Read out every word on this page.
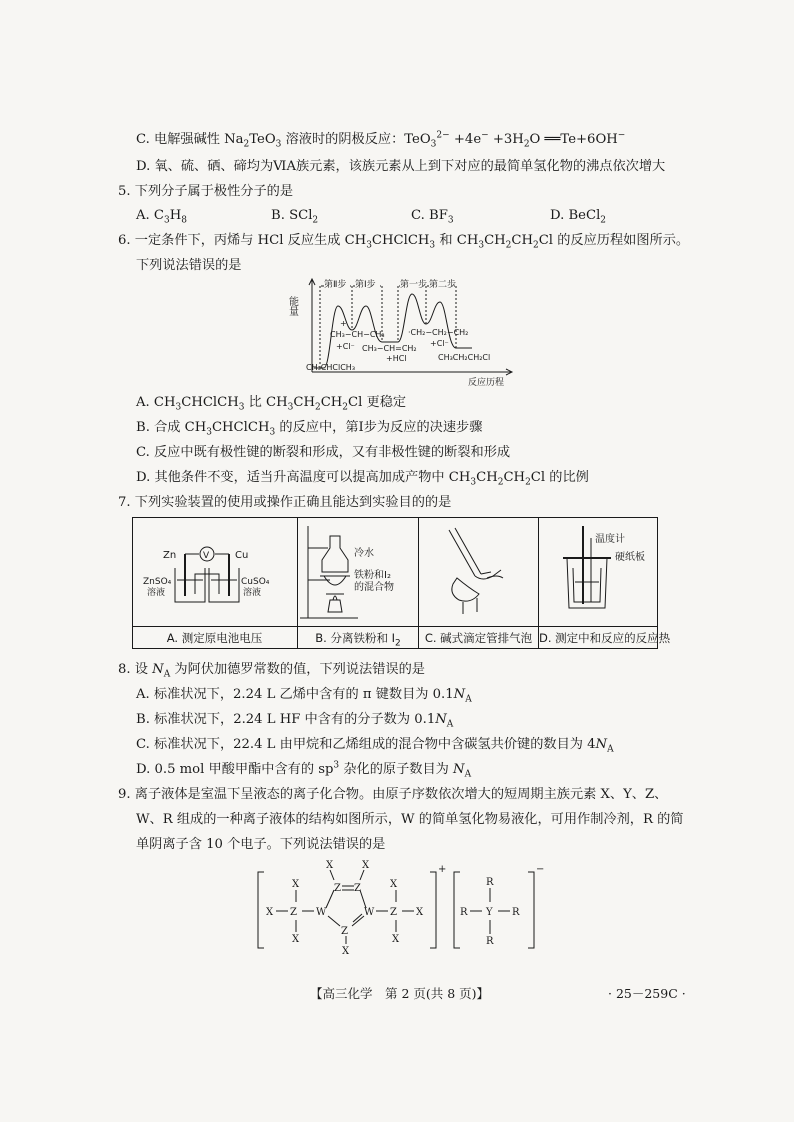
C. 电解强碱性 $Na_2TeO_3$ 溶液时的阴极反应：$TeO_3^{2-} +4e^- +3H_2O$ ══Te+6OH−
D. 氧、硫、硒、碲均为ⅥA族元素，该族元素从上到下对应的最简单氢化物的沸点依次增大
5. 下列分子属于极性分子的是
A. $C_3H_8$	B. SCl$_2$	C. $BF_3$	D. BeCl$_2$
6. 一定条件下，丙烯与 HCl 反应生成 $CH_3CHClCH_3$ 和 $CH_3CH_2CH_2Cl$ 的反应历程如图所示。
下列说法错误的是
能量
第Ⅱ步 第Ⅰ步	第一步 第二步
+
CH₃−CH−CH₃
+Cl⁻ CH₃−CH=CH₂
+HCl
·CH₂−CH₂−CH₂
+Cl⁻
CH₃CH₂CH₂Cl
CH₃CHClCH₃
反应历程
A. $CH_3CHClCH_3$ 比 $CH_3CH_2CH_2Cl$ 更稳定
B. 合成 $CH_3CHClCH_3$ 的反应中，第Ⅰ步为反应的决速步骤
C. 反应中既有极性键的断裂和形成，又有非极性键的断裂和形成
D. 其他条件不变，适当升高温度可以提高加成产物中 $CH_3CH_2CH_2Cl$ 的比例
7. 下列实验装置的使用或操作正确且能达到实验目的的是
Zn	V	Cu
ZnSO₄
溶液
CuSO₄
溶液
A. 测定原电池电压
冷水
铁粉和I₂
的混合物
B. 分离铁粉和 $I_2$	C. 碱式滴定管排气泡
温度计
硬纸板
D. 测定中和反应的反应热
8. 设 $N_A$ 为阿伏加德罗常数的值，下列说法错误的是
A. 标准状况下，2.24 L 乙烯中含有的 π 键数目为 $0.1N_A$
B. 标准状况下，2.24 L HF 中含有的分子数为 $0.1N_A$
C. 标准状况下，22.4 L 由甲烷和乙烯组成的混合物中含碳氢共价键的数目为 $4N_A$
D. 0.5 mol 甲酸甲酯中含有的 $sp^3$ 杂化的原子数目为 $N_A$
9. 离子液体是室温下呈液态的离子化合物。由原子序数依次增大的短周期主族元素 X、Y、Z、
W、R 组成的一种离子液体的结构如图所示，W 的简单氢化物易液化，可用作制冷剂，R 的简
单阴离子含 10 个电子。下列说法错误的是
X
X
Z
X
W
X
Z Z
X
W
Z
X
X
Z
X
X
+
R
R
Y
R
R
−
【高三化学　第 2 页(共 8 页)】	· 25－259C ·
